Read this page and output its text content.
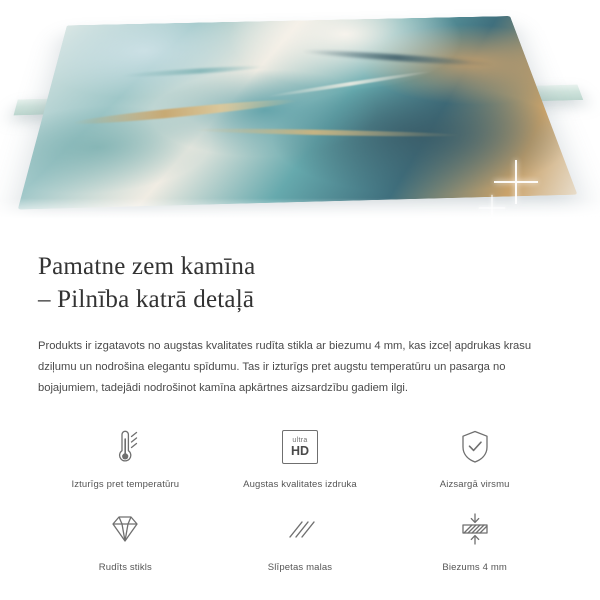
Pamatne zem kamīna
– Pilnība katrā detaļā

Produkts ir izgatavots no augstas kvalitates rudīta stikla ar biezumu 4 mm, kas izceļ apdrukas krasu dziļumu un nodrošina elegantu spīdumu. Tas ir izturīgs pret augstu temperatūru un pasarga no bojajumiem, tadejādi nodrošinot kamīna apkārtnes aizsardzību gadiem ilgi.

Izturīgs pret temperatūru
ultra
HD
Augstas kvalitates izdruka	Aizsargā virsmu
Rudīts stikls	Slīpetas malas	Biezums 4 mm
